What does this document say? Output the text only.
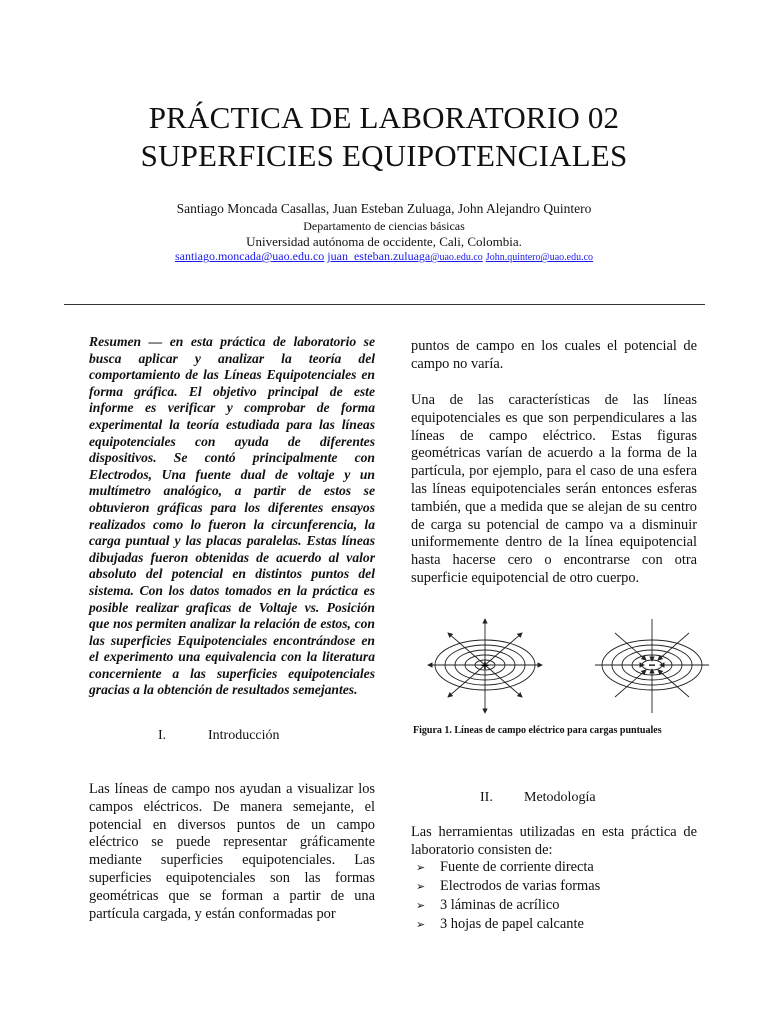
PRÁCTICA DE LABORATORIO 02
SUPERFICIES EQUIPOTENCIALES
Santiago Moncada Casallas, Juan Esteban Zuluaga, John Alejandro Quintero
Departamento de ciencias básicas
Universidad autónoma de occidente, Cali, Colombia.
santiago.moncada@uao.edu.co juan_esteban.zuluaga@uao.edu.co John.quintero@uao.edu.co
Resumen — en esta práctica de laboratorio se busca aplicar y analizar la teoría del comportamiento de las Líneas Equipotenciales en forma gráfica. El objetivo principal de este informe es verificar y comprobar de forma experimental la teoría estudiada para las líneas equipotenciales con ayuda de diferentes dispositivos. Se contó principalmente con Electrodos, Una fuente dual de voltaje y un multímetro analógico, a partir de estos se obtuvieron gráficas para los diferentes ensayos realizados como lo fueron la circunferencia, la carga puntual y las placas paralelas. Estas líneas dibujadas fueron obtenidas de acuerdo al valor absoluto del potencial en distintos puntos del sistema. Con los datos tomados en la práctica es posible realizar graficas de Voltaje vs. Posición que nos permiten analizar la relación de estos, con las superficies Equipotenciales encontrándose en el experimento una equivalencia con la literatura concerniente a las superficies equipotenciales gracias a la obtención de resultados semejantes.
I.	Introducción
Las líneas de campo nos ayudan a visualizar los campos eléctricos. De manera semejante, el potencial en diversos puntos de un campo eléctrico se puede representar gráficamente mediante superficies equipotenciales. Las superficies equipotenciales son las formas geométricas que se forman a partir de una partícula cargada, y están conformadas por
puntos de campo en los cuales el potencial de campo no varía.
Una de las características de las líneas equipotenciales es que son perpendiculares a las líneas de campo eléctrico. Estas figuras geométricas varían de acuerdo a la forma de la partícula, por ejemplo, para el caso de una esfera las líneas equipotenciales serán entonces esferas también, que a medida que se alejan de su centro de carga su potencial de campo va a disminuir uniformemente dentro de la línea equipotencial hasta hacerse cero o encontrarse con otra superficie equipotencial de otro cuerpo.
+	−
Figura 1. Líneas de campo eléctrico para cargas puntuales
II. Metodología
Las herramientas utilizadas en esta práctica de laboratorio consisten de:
➢ Fuente de corriente directa
➢ Electrodos de varias formas
➢ 3 láminas de acrílico
➢ 3 hojas de papel calcante
